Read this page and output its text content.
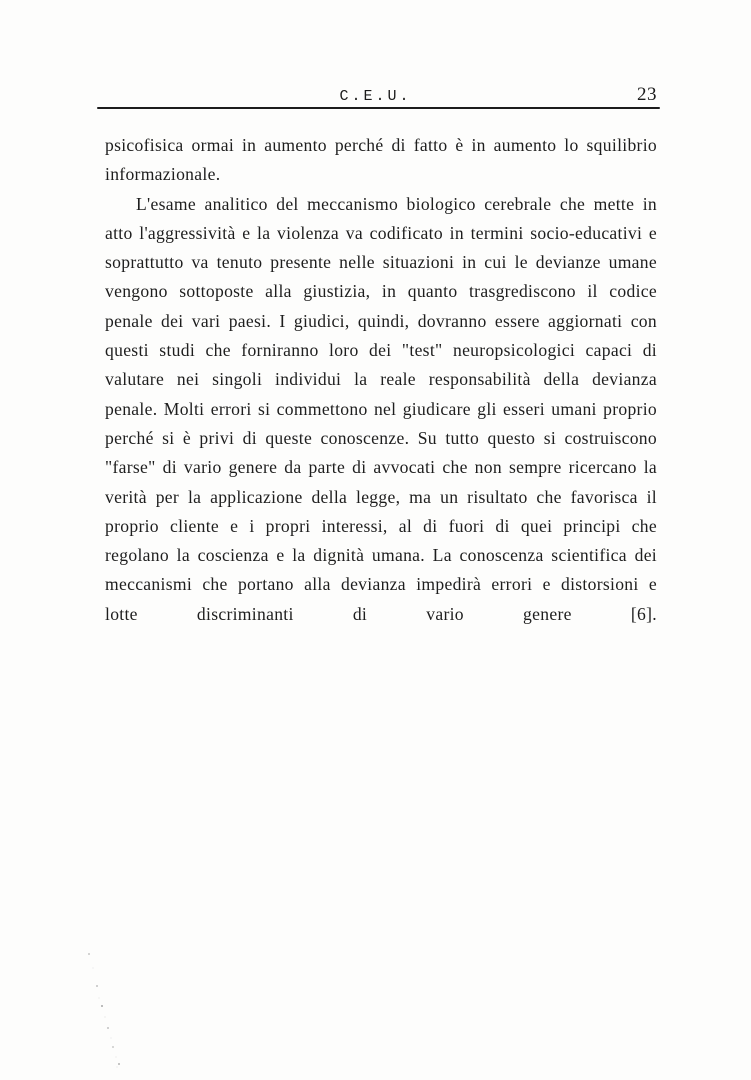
C.E.U.	23

psicofisica ormai in aumento perché di fatto è in aumento lo squilibrio informazionale.

L'esame analitico del meccanismo biologico cerebrale che mette in atto l'aggressività e la violenza va codificato in termini socio-educativi e soprattutto va tenuto presente nelle situazioni in cui le devianze umane vengono sottoposte alla giustizia, in quanto trasgrediscono il codice penale dei vari paesi. I giudici, quindi, dovranno essere aggiornati con questi studi che forniranno loro dei "test" neuropsicologici capaci di valutare nei singoli individui la reale responsabilità della devianza penale. Molti errori si commettono nel giudicare gli esseri umani proprio perché si è privi di queste conoscenze. Su tutto questo si costruiscono "farse" di vario genere da parte di avvocati che non sempre ricercano la verità per la applicazione della legge, ma un risultato che favorisca il proprio cliente e i propri interessi, al di fuori di quei principi che regolano la coscienza e la dignità umana. La conoscenza scientifica dei meccanismi che portano alla devianza impedirà errori e distorsioni e lotte discriminanti di vario genere [6].
